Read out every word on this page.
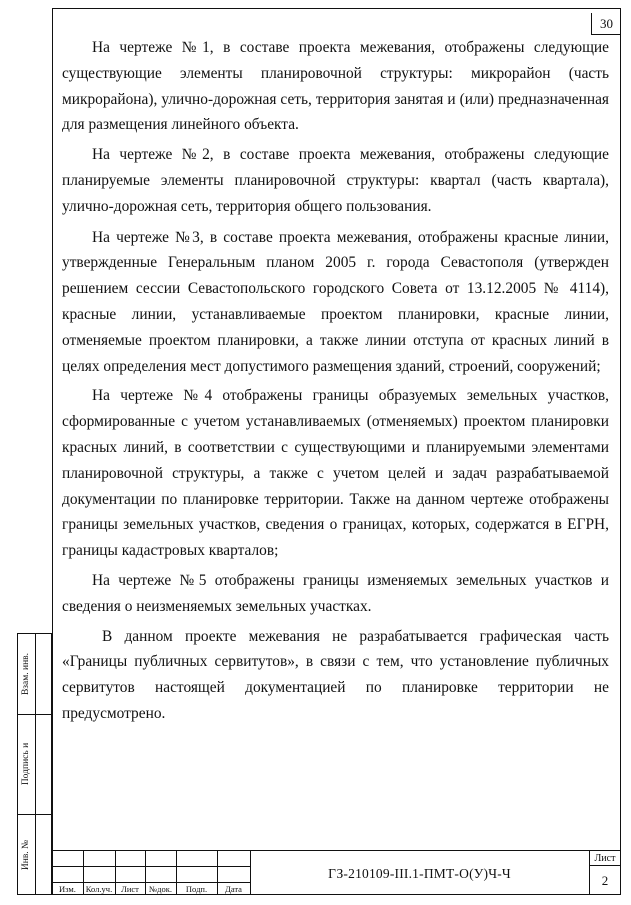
30

На чертеже №1, в составе проекта межевания, отображены следующие существующие элементы планировочной структуры: микрорайон (часть микрорайона), улично-дорожная сеть, территория занятая и (или) предназначенная для размещения линейного объекта.

На чертеже №2, в составе проекта межевания, отображены следующие планируемые элементы планировочной структуры: квартал (часть квартала), улично-дорожная сеть, территория общего пользования.

На чертеже №3, в составе проекта межевания, отображены красные линии, утвержденные Генеральным планом 2005 г. города Севастополя (утвержден решением сессии Севастопольского городского Совета от 13.12.2005 № 4114), красные линии, устанавливаемые проектом планировки, красные линии, отменяемые проектом планировки, а также линии отступа от красных линий в целях определения мест допустимого размещения зданий, строений, сооружений;

На чертеже №4 отображены границы образуемых земельных участков, сформированные с учетом устанавливаемых (отменяемых) проектом планировки красных линий, в соответствии с существующими и планируемыми элементами планировочной структуры, а также с учетом целей и задач разрабатываемой документации по планировке территории. Также на данном чертеже отображены границы земельных участков, сведения о границах, которых, содержатся в ЕГРН, границы кадастровых кварталов;

На чертеже №5 отображены границы изменяемых земельных участков и сведения о неизменяемых земельных участках.

В данном проекте межевания не разрабатывается графическая часть «Границы публичных сервитутов», в связи с тем, что установление публичных сервитутов настоящей документацией по планировке территории не предусмотрено.

Взам. инв.
Подпись и
Инв. №
Изм.	Кол.уч.	Лист	№док.	Подп.	Дата
ГЗ-210109-III.1-ПМТ-О(У)Ч-Ч
Лист
2
